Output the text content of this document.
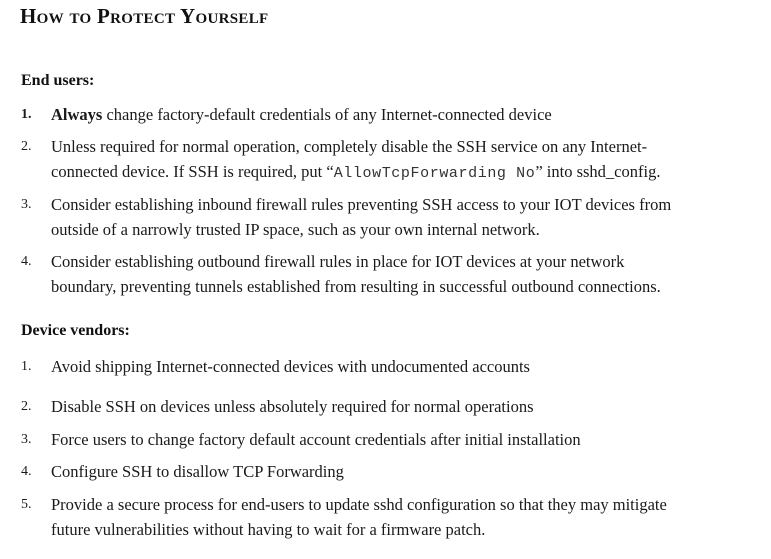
How to Protect Yourself
End users:
1. Always change factory-default credentials of any Internet-connected device
2. Unless required for normal operation, completely disable the SSH service on any Internet-
connected device. If SSH is required, put “AllowTcpForwarding No” into sshd_config.
3. Consider establishing inbound firewall rules preventing SSH access to your IOT devices from
outside of a narrowly trusted IP space, such as your own internal network.
4. Consider establishing outbound firewall rules in place for IOT devices at your network
boundary, preventing tunnels established from resulting in successful outbound connections.
Device vendors:
1. Avoid shipping Internet-connected devices with undocumented accounts
2. Disable SSH on devices unless absolutely required for normal operations
3. Force users to change factory default account credentials after initial installation
4. Configure SSH to disallow TCP Forwarding
5. Provide a secure process for end-users to update sshd configuration so that they may mitigate
future vulnerabilities without having to wait for a firmware patch.
